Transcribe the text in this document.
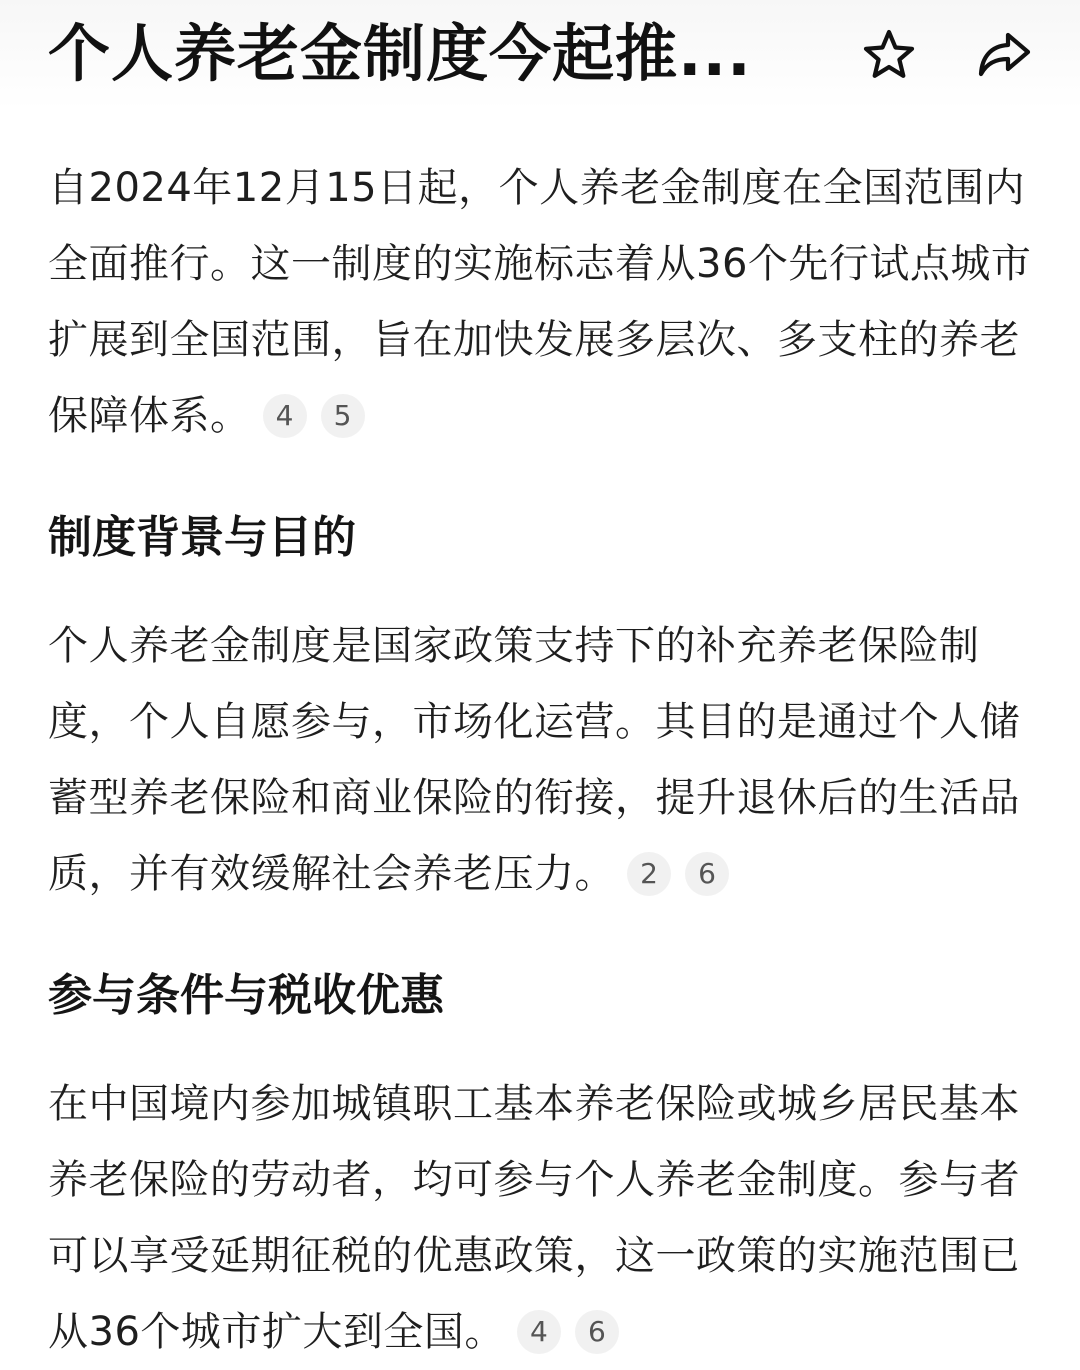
个人养老金制度今起推...

自2024年12月15日起，个人养老金制度在全国范围内全面推行。这一制度的实施标志着从36个先行试点城市扩展到全国范围，旨在加快发展多层次、多支柱的养老保障体系。 4 5

制度背景与目的

个人养老金制度是国家政策支持下的补充养老保险制度，个人自愿参与，市场化运营。其目的是通过个人储蓄型养老保险和商业保险的衔接，提升退休后的生活品质，并有效缓解社会养老压力。 2 6

参与条件与税收优惠

在中国境内参加城镇职工基本养老保险或城乡居民基本养老保险的劳动者，均可参与个人养老金制度。参与者可以享受延期征税的优惠政策，这一政策的实施范围已从36个城市扩大到全国。 4 6
